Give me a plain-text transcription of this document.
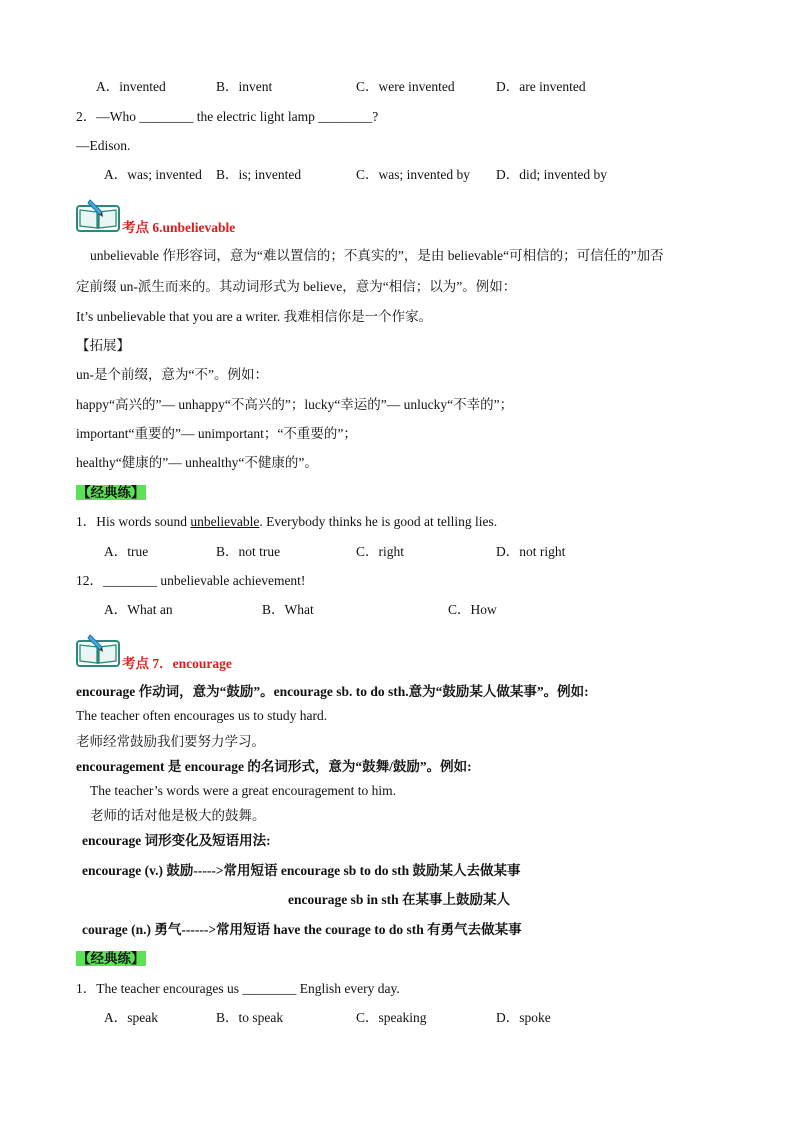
A．invented	B．invent	C．were invented	D．are invented
2．—Who ________ the electric light lamp ________?
—Edison.
A．was; invented B．is; invented	C．was; invented by D．did; invented by
考点 6.unbelievable
unbelievable 作形容词，意为“难以置信的；不真实的”，是由 believable“可相信的；可信任的”加否
定前缀 un-派生而来的。其动词形式为 believe，意为“相信；以为”。例如：
It’s unbelievable that you are a writer. 我难相信你是一个作家。
【拓展】
un-是个前缀，意为“不”。例如：
happy“高兴的”— unhappy“不高兴的”；lucky“幸运的”— unlucky“不幸的”；
important“重要的”— unimportant；“不重要的”；
healthy“健康的”— unhealthy“不健康的”。
【经典练】
1．His words sound unbelievable. Everybody thinks he is good at telling lies.
A．true	B．not true	C．right	D．not right
12．________ unbelievable achievement!
A．What an	B．What	C．How
考点 7．encourage
encourage 作动词，意为“鼓励”。encourage sb. to do sth.意为“鼓励某人做某事”。例如:
The teacher often encourages us to study hard.
老师经常鼓励我们要努力学习。
encouragement 是 encourage 的名词形式，意为“鼓舞/鼓励”。例如:
The teacher’s words were a great encouragement to him.
老师的话对他是极大的鼓舞。
encourage 词形变化及短语用法:
encourage (v.) 鼓励----->常用短语 encourage sb to do sth 鼓励某人去做某事
encourage sb in sth 在某事上鼓励某人
courage (n.) 勇气------>常用短语 have the courage to do sth 有勇气去做某事
【经典练】
1．The teacher encourages us ________ English every day.
A．speak	B．to speak	C．speaking	D．spoke
